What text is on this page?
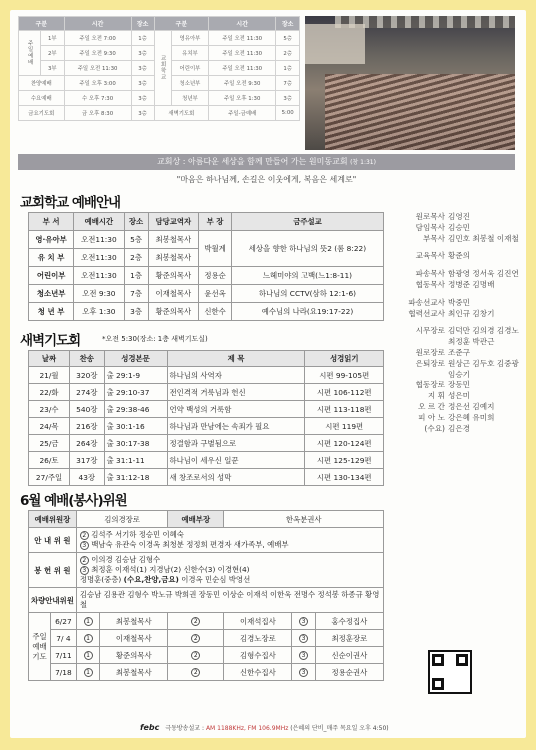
구분		시간	장소	구분		시간	장소
주일예배	1부	주일 오전 7:00	1층	교회학교	영유아부	주일 오전 11:30	5층
	2부	주일 오전 9:30	3층		유치부	주일 오전 11:30	2층
	3부	주일 오전 11:30	3층		어린이부	주일 오전 11:30	1층
찬양예배		주일 오후 3:00	3층		청소년부	주일 오전 9:30	7층
수요예배		수 오후 7:30	3층		청년부	주일 오후 1:30	3층
금요기도회		금 오후 8:30	3층	새벽기도회		주일-금예배	5:00
교회상 : 아름다운 세상을 함께 만들어 가는 원미동교회 (창 1:31)
"마음은 하나님께, 손길은 이웃에게, 복음은 세계로"
교회학교 예배안내
부 서	예배시간	장소	담당교역자	부 장	금주설교
영·유아부	오전11:30	5층	최봉철목사	박월계	세상을 향한 하나님의 뜻2 (롬 8:22)
유 치 부	오전11:30	2층	최봉철목사		
어린이부	오전11:30	1층	황준의목사	정용순	느헤미야의 고백(느1:8-11)
청소년부	오전 9:30	7층	이재철목사	윤선옥	하나님의 CCTV(삼하 12:1-6)
청 년 부	오후 1:30	3층	황준의목사	신한수	예수님의 나라(요19:17-22)
새벽기도회	*오전 5:30(장소: 1층 새벽기도실)
날짜	찬송	성경본문	제 목	성경읽기
21/월	320장	출 29:1-9	하나님의 사역자	시편 99-105편
22/화	274장	출 29:10-37	전인격적 거룩님과 헌신	시편 106-112편
23/수	540장	출 29:38-46	언약 백성의 거룩함	시편 113-118편
24/목	216장	출 30:1-16	하나님과 만남에는 속죄가 필요	시편 119편
25/금	264장	출 30:17-38	정결함과 구별됨으로	시편 120-124편
26/토	317장	출 31:1-11	하나님이 세우신 일꾼	시편 125-129편
27/주일	43장	출 31:12-18	새 창조로서의 성막	시편 130-134편
6월 예배(봉사)위원
예배위원장		김의경장로		예배부장	한옥분권사		
안 내 위 원		2 김석주 서기하 정승민 이혜숙
3 백남숙 유관숙 이경옥 최청분 정정희 편경자 새가족부, 예배부					
봉 헌 위 원		2 이의경 김승남 김형수
3 최정훈 이재석(1) 지경남(2) 신한수(3) 이경현(4)
정명훈(중층) (수요,찬양,금요) 이경옥 민순심 박영선					
차량안내위원		김승남 김용관 김형수 박노규 박희권 장동민 이상순 이재석 이한욱 전명수 정석봉 하종규 황영철					
주일예배기도	6/27	1	최봉철목사	2	이재석집사	3	홍수정집사
	7/ 4	1	이재철목사	2	김경노장로	3	최정훈장로
	7/11	1	황준의목사	2	김형수집사	3	신순이권사
	7/18	1	최봉철목사	2	신한수집사	3	정용순권사
원로목사 김영진
담임목사 김승민
부목사 김민호 최봉철 이재철
교육목사 황준의
파송목사 함광영 정서욱 김진연
협동목사 정병준 김명배
파송선교사 박중민
협력선교사 최인규 김창기
시무장로 김덕만 김의경 김경노 최정훈 박관근
원로장로 조준구
은퇴장로 원상근 김두호 김중광 임승기
협동장로 장동민
지 휘 성은미
오 르 간 정은선 김예지
피 아 노 강은혜 유미희
(수요) 김은경
febc 극동방송설교 : AM 1188KHz, FM 106.9MHz (은혜의 단비_매주 목요일 오후 4:50)
